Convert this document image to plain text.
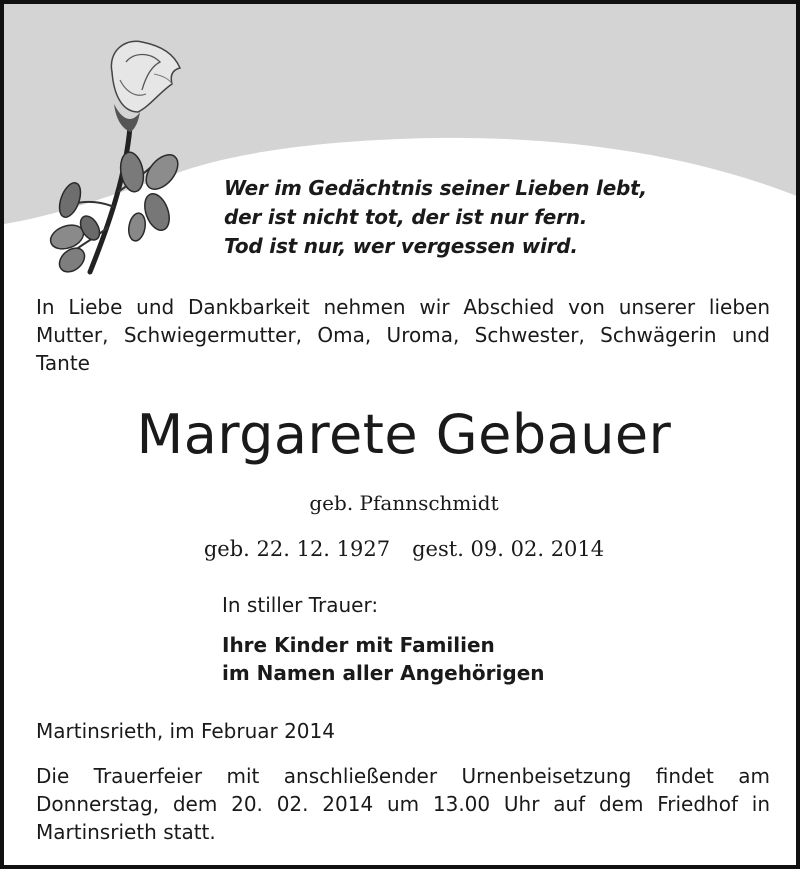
Wer im Gedächtnis seiner Lieben lebt,
der ist nicht tot, der ist nur fern.
Tod ist nur, wer vergessen wird.
In Liebe und Dankbarkeit nehmen wir Abschied von unserer lieben Mutter, Schwiegermutter, Oma, Uroma, Schwester, Schwägerin und Tante
Margarete Gebauer
geb. Pfannschmidt
geb. 22. 12. 1927 gest. 09. 02. 2014
In stiller Trauer:
Ihre Kinder mit Familien
im Namen aller Angehörigen
Martinsrieth, im Februar 2014
Die Trauerfeier mit anschließender Urnenbeisetzung findet am Donnerstag, dem 20. 02. 2014 um 13.00 Uhr auf dem Friedhof in Martinsrieth statt.
